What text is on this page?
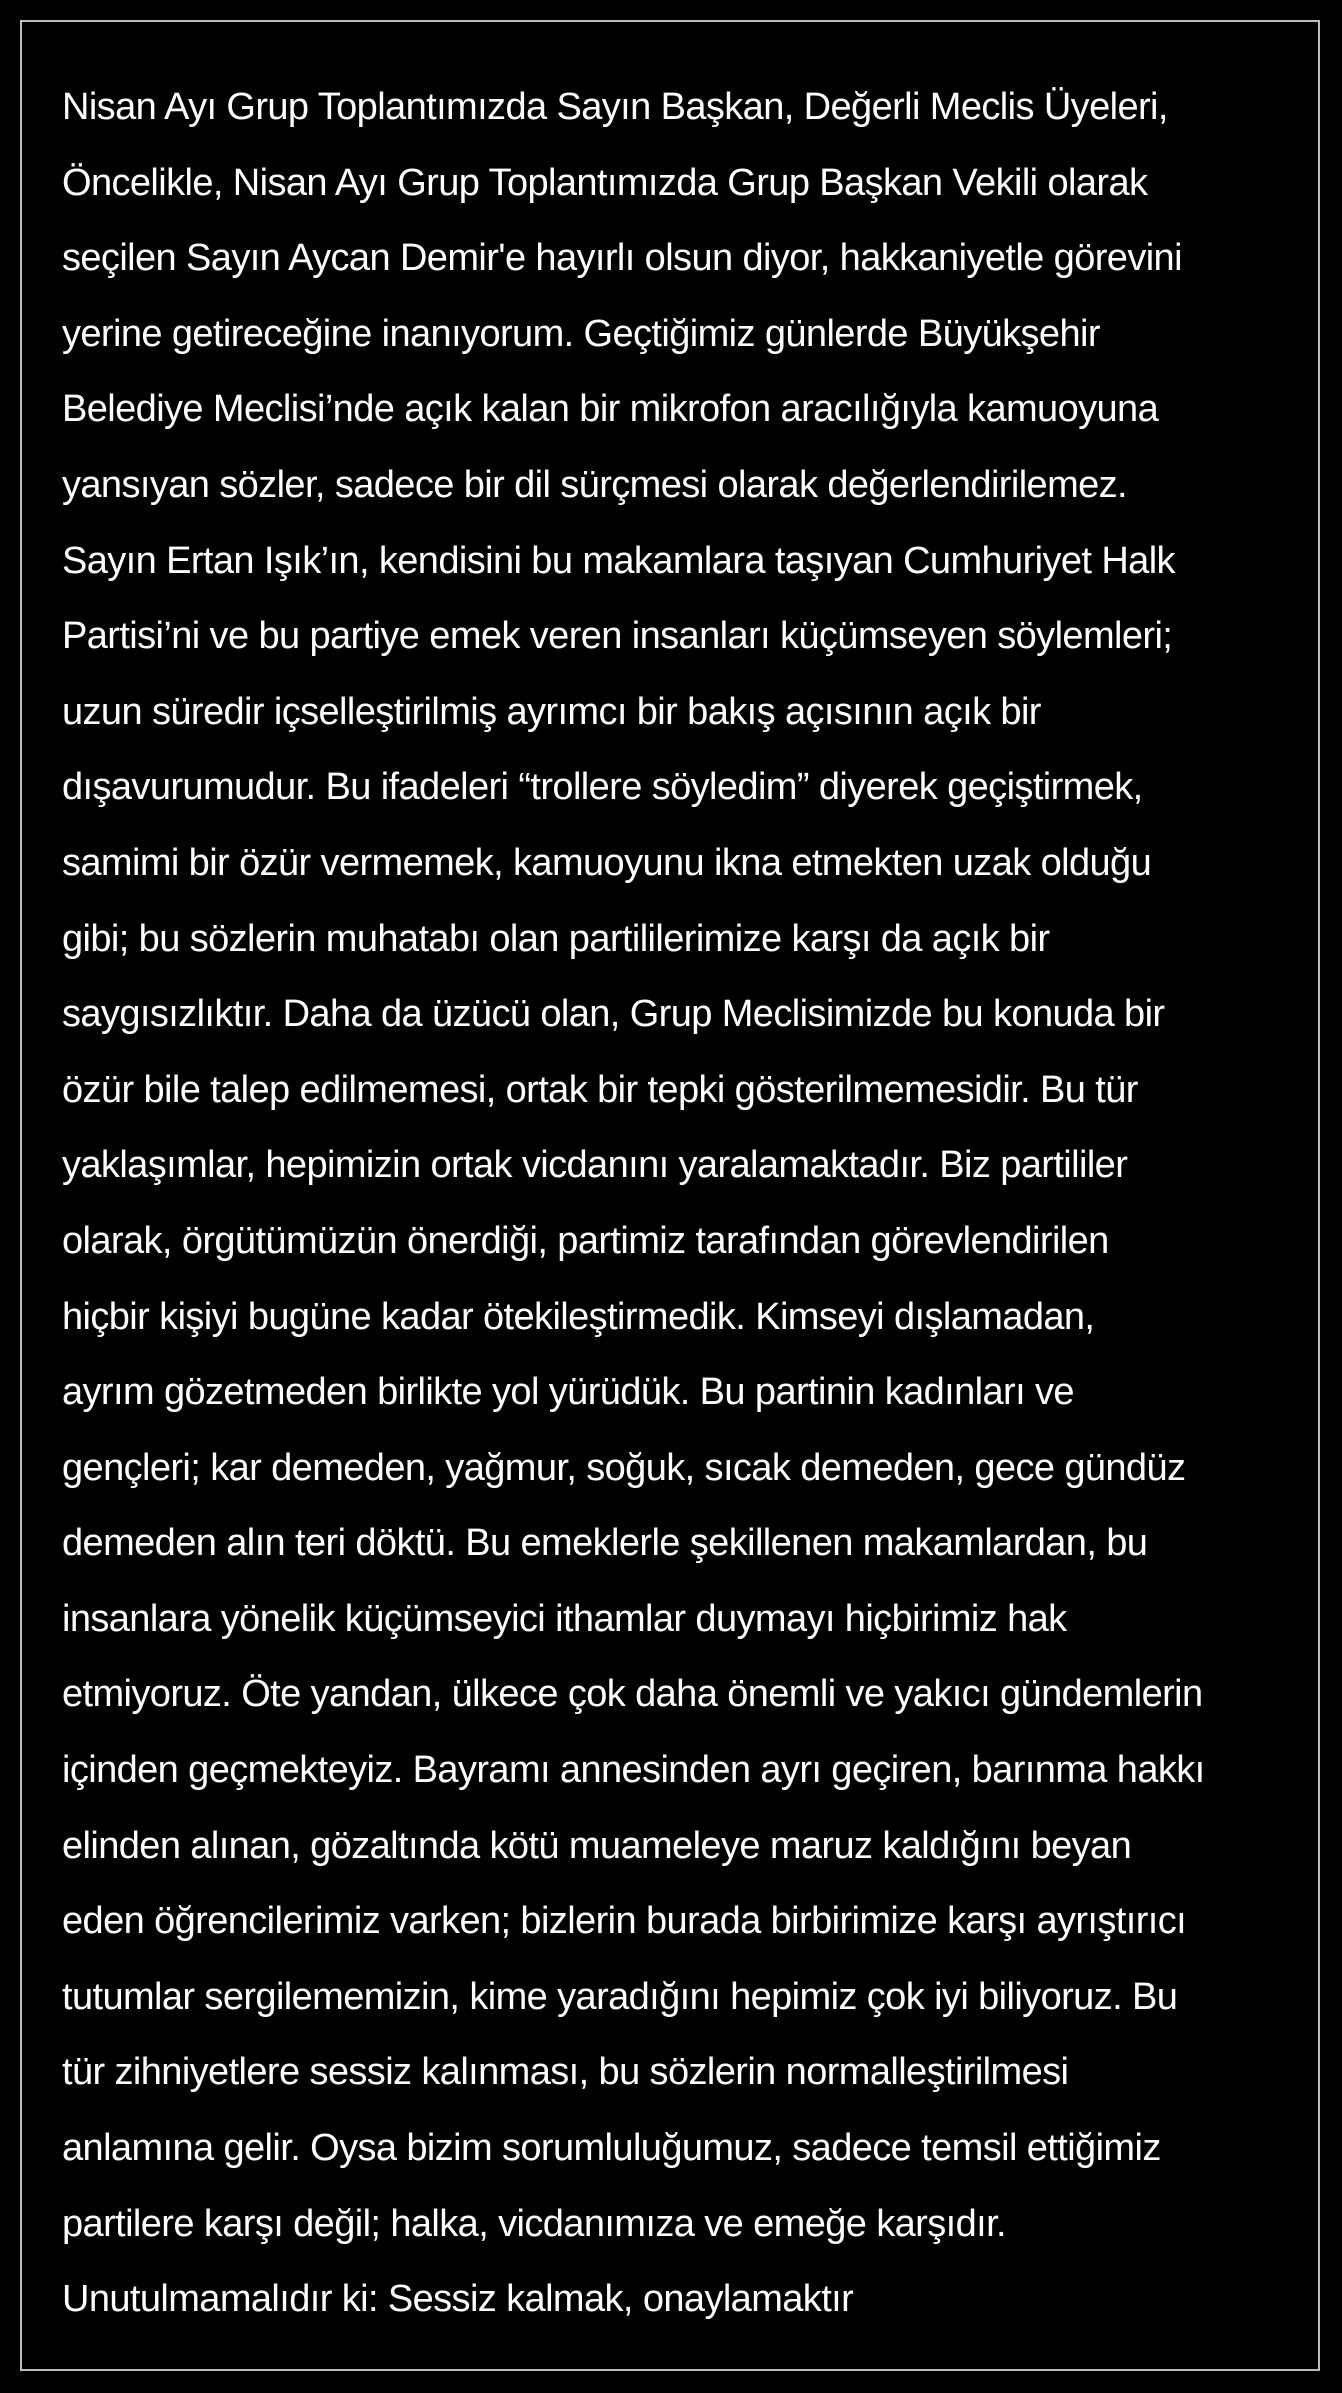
Nisan Ayı Grup Toplantımızda Sayın Başkan, Değerli Meclis Üyeleri,
Öncelikle, Nisan Ayı Grup Toplantımızda Grup Başkan Vekili olarak
seçilen Sayın Aycan Demir'e hayırlı olsun diyor, hakkaniyetle görevini
yerine getireceğine inanıyorum. Geçtiğimiz günlerde Büyükşehir
Belediye Meclisi’nde açık kalan bir mikrofon aracılığıyla kamuoyuna
yansıyan sözler, sadece bir dil sürçmesi olarak değerlendirilemez.
Sayın Ertan Işık’ın, kendisini bu makamlara taşıyan Cumhuriyet Halk
Partisi’ni ve bu partiye emek veren insanları küçümseyen söylemleri;
uzun süredir içselleştirilmiş ayrımcı bir bakış açısının açık bir
dışavurumudur. Bu ifadeleri “trollere söyledim” diyerek geçiştirmek,
samimi bir özür vermemek, kamuoyunu ikna etmekten uzak olduğu
gibi; bu sözlerin muhatabı olan partililerimize karşı da açık bir
saygısızlıktır. Daha da üzücü olan, Grup Meclisimizde bu konuda bir
özür bile talep edilmemesi, ortak bir tepki gösterilmemesidir. Bu tür
yaklaşımlar, hepimizin ortak vicdanını yaralamaktadır. Biz partililer
olarak, örgütümüzün önerdiği, partimiz tarafından görevlendirilen
hiçbir kişiyi bugüne kadar ötekileştirmedik. Kimseyi dışlamadan,
ayrım gözetmeden birlikte yol yürüdük. Bu partinin kadınları ve
gençleri; kar demeden, yağmur, soğuk, sıcak demeden, gece gündüz
demeden alın teri döktü. Bu emeklerle şekillenen makamlardan, bu
insanlara yönelik küçümseyici ithamlar duymayı hiçbirimiz hak
etmiyoruz. Öte yandan, ülkece çok daha önemli ve yakıcı gündemlerin
içinden geçmekteyiz. Bayramı annesinden ayrı geçiren, barınma hakkı
elinden alınan, gözaltında kötü muameleye maruz kaldığını beyan
eden öğrencilerimiz varken; bizlerin burada birbirimize karşı ayrıştırıcı
tutumlar sergilememizin, kime yaradığını hepimiz çok iyi biliyoruz. Bu
tür zihniyetlere sessiz kalınması, bu sözlerin normalleştirilmesi
anlamına gelir. Oysa bizim sorumluluğumuz, sadece temsil ettiğimiz
partilere karşı değil; halka, vicdanımıza ve emeğe karşıdır.
Unutulmamalıdır ki: Sessiz kalmak, onaylamaktır
